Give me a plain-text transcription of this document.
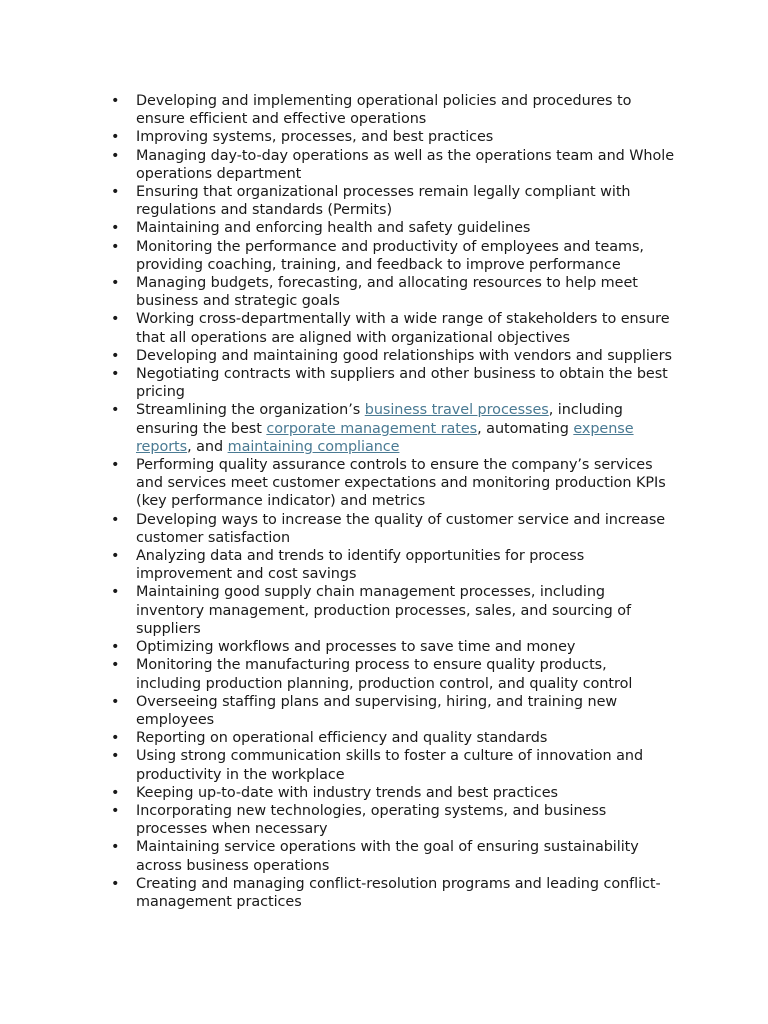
• Developing and implementing operational policies and procedures to ensure efficient and effective operations
• Improving systems, processes, and best practices
• Managing day-to-day operations as well as the operations team and Whole operations department
• Ensuring that organizational processes remain legally compliant with regulations and standards (Permits)
• Maintaining and enforcing health and safety guidelines
• Monitoring the performance and productivity of employees and teams, providing coaching, training, and feedback to improve performance
• Managing budgets, forecasting, and allocating resources to help meet business and strategic goals
• Working cross-departmentally with a wide range of stakeholders to ensure that all operations are aligned with organizational objectives
• Developing and maintaining good relationships with vendors and suppliers
• Negotiating contracts with suppliers and other business to obtain the best pricing
• Streamlining the organization’s business travel processes, including ensuring the best corporate management rates, automating expense reports, and maintaining compliance
• Performing quality assurance controls to ensure the company’s services and services meet customer expectations and monitoring production KPIs (key performance indicator) and metrics
• Developing ways to increase the quality of customer service and increase customer satisfaction
• Analyzing data and trends to identify opportunities for process improvement and cost savings
• Maintaining good supply chain management processes, including inventory management, production processes, sales, and sourcing of suppliers
• Optimizing workflows and processes to save time and money
• Monitoring the manufacturing process to ensure quality products, including production planning, production control, and quality control
• Overseeing staffing plans and supervising, hiring, and training new employees
• Reporting on operational efficiency and quality standards
• Using strong communication skills to foster a culture of innovation and productivity in the workplace
• Keeping up-to-date with industry trends and best practices
• Incorporating new technologies, operating systems, and business processes when necessary
• Maintaining service operations with the goal of ensuring sustainability across business operations
• Creating and managing conflict-resolution programs and leading conflict-management practices
